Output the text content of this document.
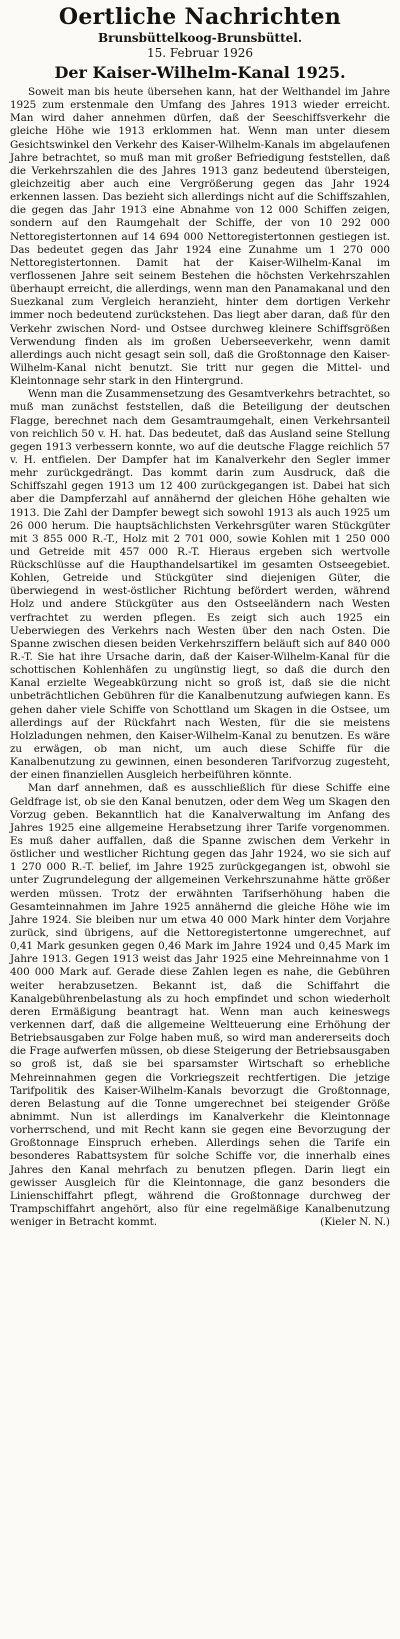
Oertliche Nachrichten
Brunsbüttelkoog-Brunsbüttel.
15. Februar 1926
Der Kaiser-Wilhelm-Kanal 1925.

Soweit man bis heute übersehen kann, hat der Welthandel im Jahre 1925 zum erstenmale den Umfang des Jahres 1913 wieder erreicht. Man wird daher annehmen dürfen, daß der Seeschiffsverkehr die gleiche Höhe wie 1913 erklommen hat. Wenn man unter diesem Gesichtswinkel den Verkehr des Kaiser-Wilhelm-Kanals im abgelaufenen Jahre betrachtet, so muß man mit großer Befriedigung feststellen, daß die Verkehrszahlen die des Jahres 1913 ganz bedeutend übersteigen, gleichzeitig aber auch eine Vergrößerung gegen das Jahr 1924 erkennen lassen. Das bezieht sich allerdings nicht auf die Schiffszahlen, die gegen das Jahr 1913 eine Abnahme von 12 000 Schiffen zeigen, sondern auf den Raumgehalt der Schiffe, der von 10 292 000 Nettoregistertonnen auf 14 694 000 Nettoregistertonnen gestiegen ist. Das bedeutet gegen das Jahr 1924 eine Zunahme um 1 270 000 Nettoregistertonnen. Damit hat der Kaiser-Wilhelm-Kanal im verflossenen Jahre seit seinem Bestehen die höchsten Verkehrszahlen überhaupt erreicht, die allerdings, wenn man den Panamakanal und den Suezkanal zum Vergleich heranzieht, hinter dem dortigen Verkehr immer noch bedeutend zurückstehen. Das liegt aber daran, daß für den Verkehr zwischen Nord- und Ostsee durchweg kleinere Schiffsgrößen Verwendung finden als im großen Ueberseeverkehr, wenn damit allerdings auch nicht gesagt sein soll, daß die Großtonnage den Kaiser-Wilhelm-Kanal nicht benutzt. Sie tritt nur gegen die Mittel- und Kleintonnage sehr stark in den Hintergrund.

Wenn man die Zusammensetzung des Gesamtverkehrs betrachtet, so muß man zunächst feststellen, daß die Beteiligung der deutschen Flagge, berechnet nach dem Gesamtraumgehalt, einen Verkehrsanteil von reichlich 50 v. H. hat. Das bedeutet, daß das Ausland seine Stellung gegen 1913 verbessern konnte, wo auf die deutsche Flagge reichlich 57 v. H. entfielen. Der Dampfer hat im Kanalverkehr den Segler immer mehr zurückgedrängt. Das kommt darin zum Ausdruck, daß die Schiffszahl gegen 1913 um 12 400 zurückgegangen ist. Dabei hat sich aber die Dampferzahl auf annähernd der gleichen Höhe gehalten wie 1913. Die Zahl der Dampfer bewegt sich sowohl 1913 als auch 1925 um 26 000 herum. Die hauptsächlichsten Verkehrsgüter waren Stückgüter mit 3 855 000 R.-T., Holz mit 2 701 000, sowie Kohlen mit 1 250 000 und Getreide mit 457 000 R.-T. Hieraus ergeben sich wertvolle Rückschlüsse auf die Haupthandelsartikel im gesamten Ostseegebiet. Kohlen, Getreide und Stückgüter sind diejenigen Güter, die überwiegend in west-östlicher Richtung befördert werden, während Holz und andere Stückgüter aus den Ostseeländern nach Westen verfrachtet zu werden pflegen. Es zeigt sich auch 1925 ein Ueberwiegen des Verkehrs nach Westen über den nach Osten. Die Spanne zwischen diesen beiden Verkehrsziffern beläuft sich auf 840 000 R.-T. Sie hat ihre Ursache darin, daß der Kaiser-Wilhelm-Kanal für die schottischen Kohlenhäfen zu ungünstig liegt, so daß die durch den Kanal erzielte Wegeabkürzung nicht so groß ist, daß sie die nicht unbeträchtlichen Gebühren für die Kanalbenutzung aufwiegen kann. Es gehen daher viele Schiffe von Schottland um Skagen in die Ostsee, um allerdings auf der Rückfahrt nach Westen, für die sie meistens Holzladungen nehmen, den Kaiser-Wilhelm-Kanal zu benutzen. Es wäre zu erwägen, ob man nicht, um auch diese Schiffe für die Kanalbenutzung zu gewinnen, einen besonderen Tarifvorzug zugesteht, der einen finanziellen Ausgleich herbeiführen könnte.

Man darf annehmen, daß es ausschließlich für diese Schiffe eine Geldfrage ist, ob sie den Kanal benutzen, oder dem Weg um Skagen den Vorzug geben. Bekanntlich hat die Kanalverwaltung im Anfang des Jahres 1925 eine allgemeine Herabsetzung ihrer Tarife vorgenommen. Es muß daher auffallen, daß die Spanne zwischen dem Verkehr in östlicher und westlicher Richtung gegen das Jahr 1924, wo sie sich auf 1 270 000 R.-T. belief, im Jahre 1925 zurückgegangen ist, obwohl sie unter Zugrundelegung der allgemeinen Verkehrszunahme hätte größer werden müssen. Trotz der erwähnten Tarifserhöhung haben die Gesamteinnahmen im Jahre 1925 annähernd die gleiche Höhe wie im Jahre 1924. Sie bleiben nur um etwa 40 000 Mark hinter dem Vorjahre zurück, sind übrigens, auf die Nettoregistertonne umgerechnet, auf 0,41 Mark gesunken gegen 0,46 Mark im Jahre 1924 und 0,45 Mark im Jahre 1913. Gegen 1913 weist das Jahr 1925 eine Mehreinnahme von 1 400 000 Mark auf. Gerade diese Zahlen legen es nahe, die Gebühren weiter herabzusetzen. Bekannt ist, daß die Schiffahrt die Kanalgebührenbelastung als zu hoch empfindet und schon wiederholt deren Ermäßigung beantragt hat. Wenn man auch keineswegs verkennen darf, daß die allgemeine Weltteuerung eine Erhöhung der Betriebsausgaben zur Folge haben muß, so wird man andererseits doch die Frage aufwerfen müssen, ob diese Steigerung der Betriebsausgaben so groß ist, daß sie bei sparsamster Wirtschaft so erhebliche Mehreinnahmen gegen die Vorkriegszeit rechtfertigen. Die jetzige Tarifpolitik des Kaiser-Wilhelm-Kanals bevorzugt die Großtonnage, deren Belastung auf die Tonne umgerechnet bei steigender Größe abnimmt. Nun ist allerdings im Kanalverkehr die Kleintonnage vorherrschend, und mit Recht kann sie gegen eine Bevorzugung der Großtonnage Einspruch erheben. Allerdings sehen die Tarife ein besonderes Rabattsystem für solche Schiffe vor, die innerhalb eines Jahres den Kanal mehrfach zu benutzen pflegen. Darin liegt ein gewisser Ausgleich für die Kleintonnage, die ganz besonders die Linienschiffahrt pflegt, während die Großtonnage durchweg der Trampschiffahrt angehört, also für eine regelmäßige Kanalbenutzung weniger in Betracht kommt.	(Kieler N. N.)
